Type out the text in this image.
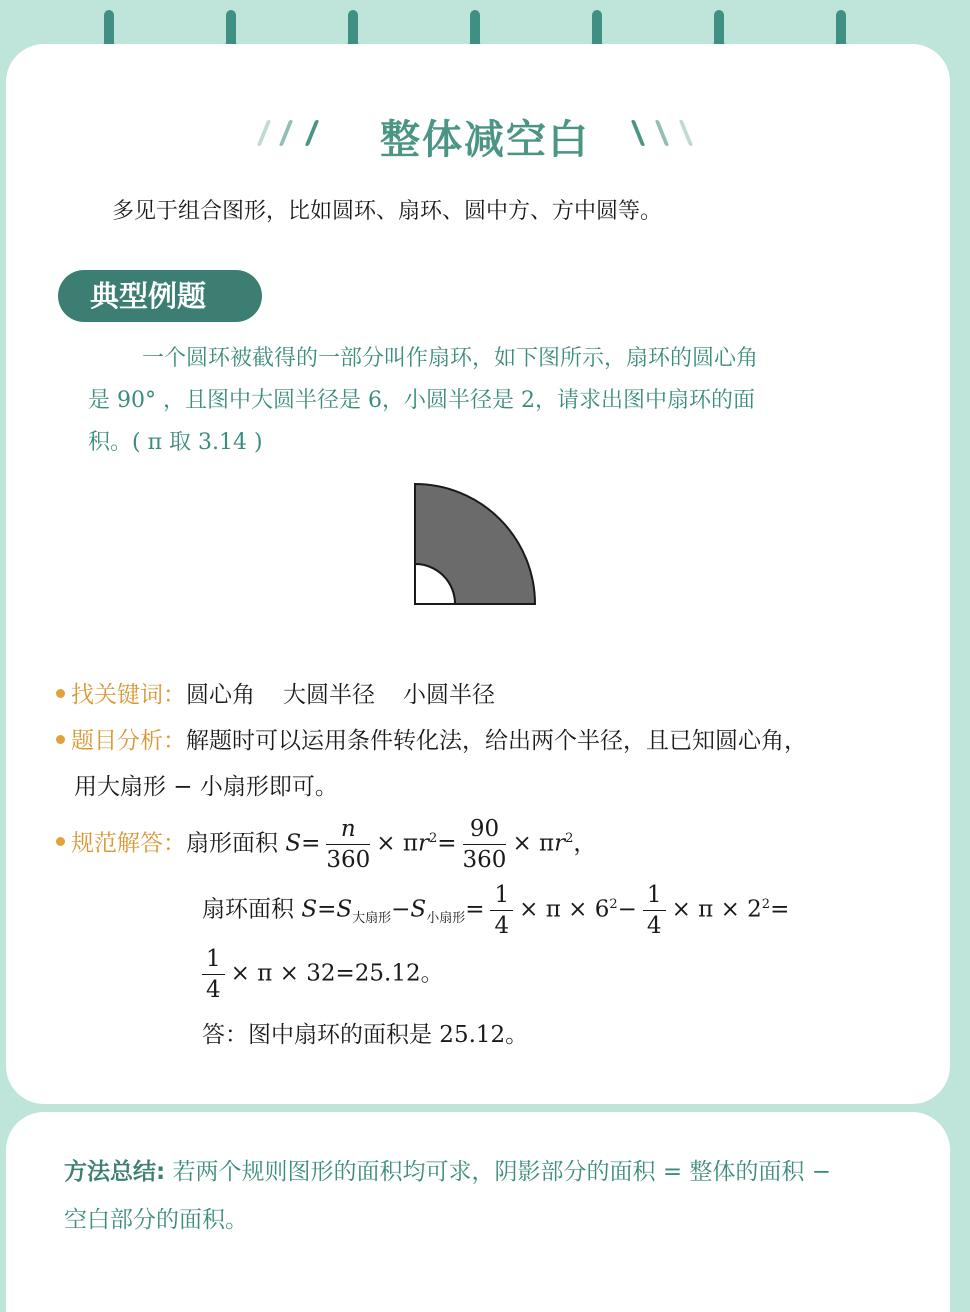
整体减空白
多见于组合图形，比如圆环、扇环、圆中方、方中圆等。
典型例题
一个圆环被截得的一部分叫作扇环，如下图所示，扇环的圆心角
是 90° ，且图中大圆半径是 6，小圆半径是 2，请求出图中扇环的面
积。( π 取 3.14 )
找关键词：圆心角 大圆半径 小圆半径
题目分析：解题时可以运用条件转化法，给出两个半径，且已知圆心角，
用大扇形 − 小扇形即可。
规范解答：扇形面积 $S= \frac{n}{360} \times \pi r^2= \frac{90}{360} \times \pi r^2$，
扇环面积 $S=S_{大扇形}-S_{小扇形}= \frac{1}{4} \times \pi \times 6^2- \frac{1}{4} \times \pi \times 2^2=$
$\frac{1}{4} \times \pi \times 32=25.12$。
答：图中扇环的面积是 25.12。
方法总结: 若两个规则图形的面积均可求，阴影部分的面积 = 整体的面积 −
空白部分的面积。
